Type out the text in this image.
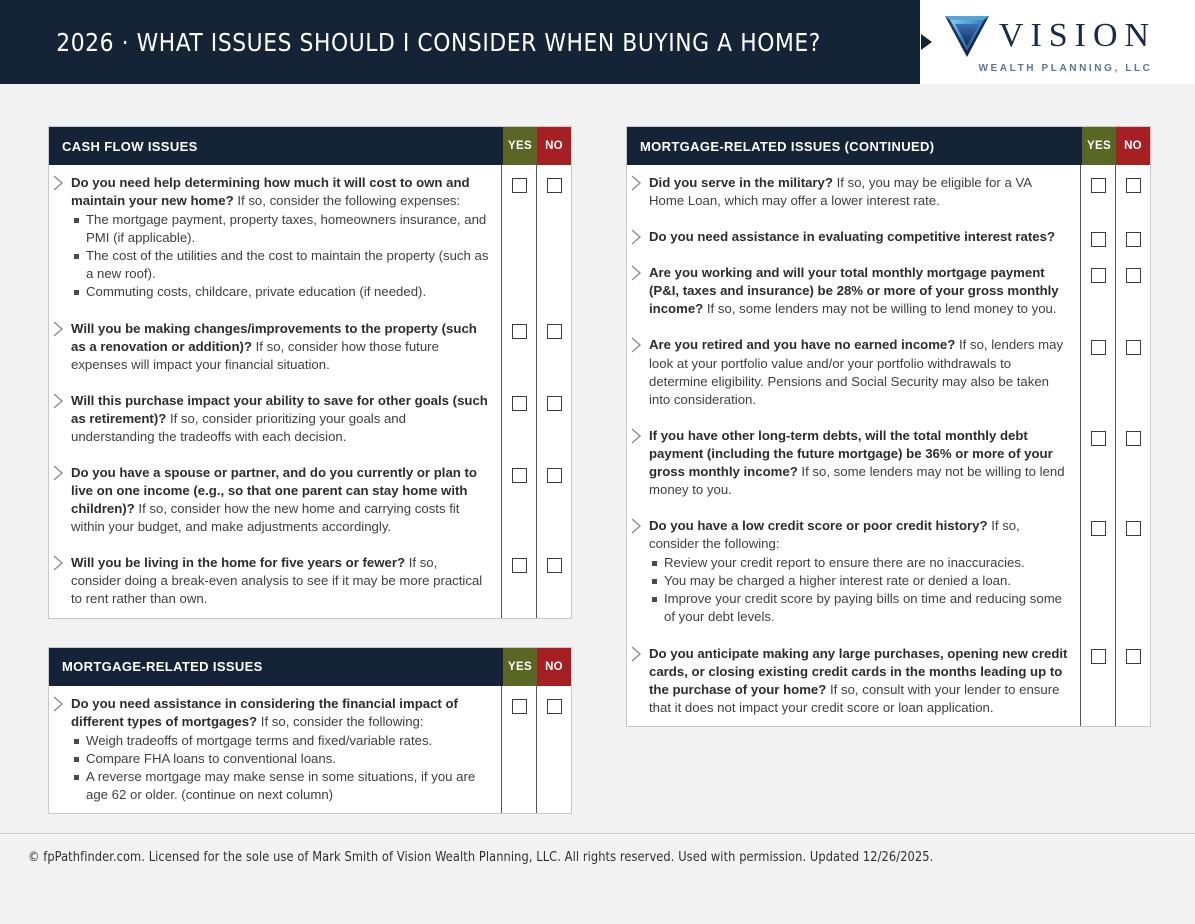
2026 · WHAT ISSUES SHOULD I CONSIDER WHEN BUYING A HOME?	VISION
WEALTH PLANNING, LLC
CASH FLOW ISSUES	YES	NO
Do you need help determining how much it will cost to own and maintain your new home? If so, consider the following expenses:
The mortgage payment, property taxes, homeowners insurance, and PMI (if applicable).
The cost of the utilities and the cost to maintain the property (such as a new roof).
Commuting costs, childcare, private education (if needed).
Will you be making changes/improvements to the property (such as a renovation or addition)? If so, consider how those future expenses will impact your financial situation.
Will this purchase impact your ability to save for other goals (such as retirement)? If so, consider prioritizing your goals and understanding the tradeoffs with each decision.
Do you have a spouse or partner, and do you currently or plan to live on one income (e.g., so that one parent can stay home with children)? If so, consider how the new home and carrying costs fit within your budget, and make adjustments accordingly.
Will you be living in the home for five years or fewer? If so, consider doing a break-even analysis to see if it may be more practical to rent rather than own.
MORTGAGE-RELATED ISSUES	YES	NO
Do you need assistance in considering the financial impact of different types of mortgages? If so, consider the following:
Weigh tradeoffs of mortgage terms and fixed/variable rates.
Compare FHA loans to conventional loans.
A reverse mortgage may make sense in some situations, if you are age 62 or older. (continue on next column)
MORTGAGE-RELATED ISSUES (CONTINUED)	YES	NO
Did you serve in the military? If so, you may be eligible for a VA Home Loan, which may offer a lower interest rate.
Do you need assistance in evaluating competitive interest rates?
Are you working and will your total monthly mortgage payment (P&I, taxes and insurance) be 28% or more of your gross monthly income? If so, some lenders may not be willing to lend money to you.
Are you retired and you have no earned income? If so, lenders may look at your portfolio value and/or your portfolio withdrawals to determine eligibility. Pensions and Social Security may also be taken into consideration.
If you have other long-term debts, will the total monthly debt payment (including the future mortgage) be 36% or more of your gross monthly income? If so, some lenders may not be willing to lend money to you.
Do you have a low credit score or poor credit history? If so, consider the following:
Review your credit report to ensure there are no inaccuracies.
You may be charged a higher interest rate or denied a loan.
Improve your credit score by paying bills on time and reducing some of your debt levels.
Do you anticipate making any large purchases, opening new credit cards, or closing existing credit cards in the months leading up to the purchase of your home? If so, consult with your lender to ensure that it does not impact your credit score or loan application.
© fpPathfinder.com. Licensed for the sole use of Mark Smith of Vision Wealth Planning, LLC. All rights reserved. Used with permission. Updated 12/26/2025.
